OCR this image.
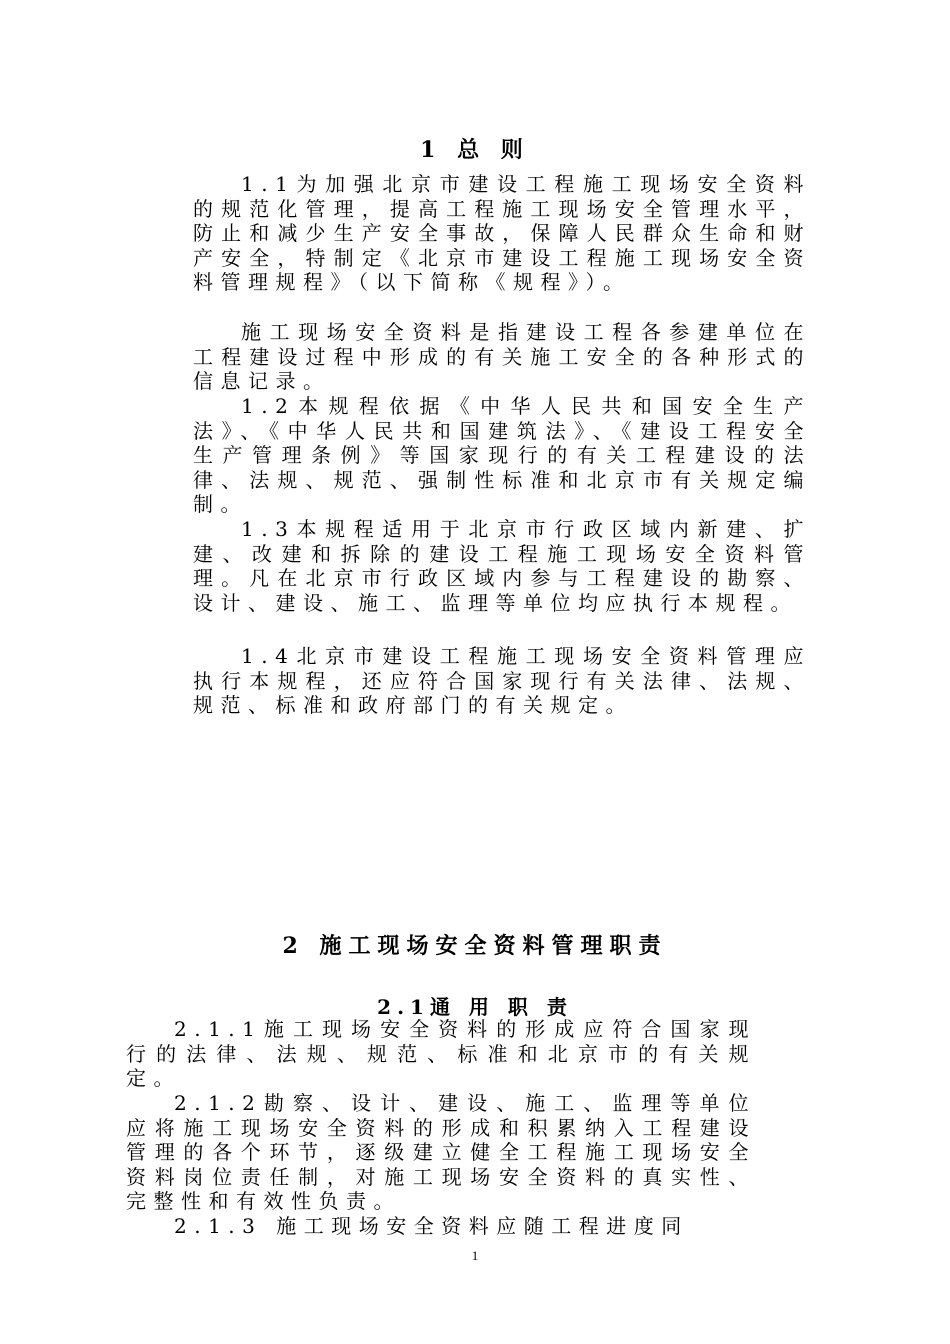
1 总 则

1.1为加强北京市建设工程施工现场安全资料的规范化管理，提高工程施工现场安全管理水平，防止和减少生产安全事故，保障人民群众生命和财产安全，特制定《北京市建设工程施工现场安全资料管理规程》（以下简称《规程》）。

施工现场安全资料是指建设工程各参建单位在工程建设过程中形成的有关施工安全的各种形式的信息记录。

1.2本规程依据《中华人民共和国安全生产法》、《中华人民共和国建筑法》、《建设工程安全生产管理条例》等国家现行的有关工程建设的法律、法规、规范、强制性标准和北京市有关规定编制。

1.3本规程适用于北京市行政区域内新建、扩建、改建和拆除的建设工程施工现场安全资料管理。凡在北京市行政区域内参与工程建设的勘察、设计、建设、施工、监理等单位均应执行本规程。

1.4北京市建设工程施工现场安全资料管理应执行本规程，还应符合国家现行有关法律、法规、规范、标准和政府部门的有关规定。

2 施工现场安全资料管理职责
2.1通 用 职 责

2.1.1施工现场安全资料的形成应符合国家现行的法律、法规、规范、标准和北京市的有关规定。

2.1.2勘察、设计、建设、施工、监理等单位应将施工现场安全资料的形成和积累纳入工程建设管理的各个环节，逐级建立健全工程施工现场安全资料岗位责任制，对施工现场安全资料的真实性、完整性和有效性负责。

2.1.3 施工现场安全资料应随工程进度同

1
